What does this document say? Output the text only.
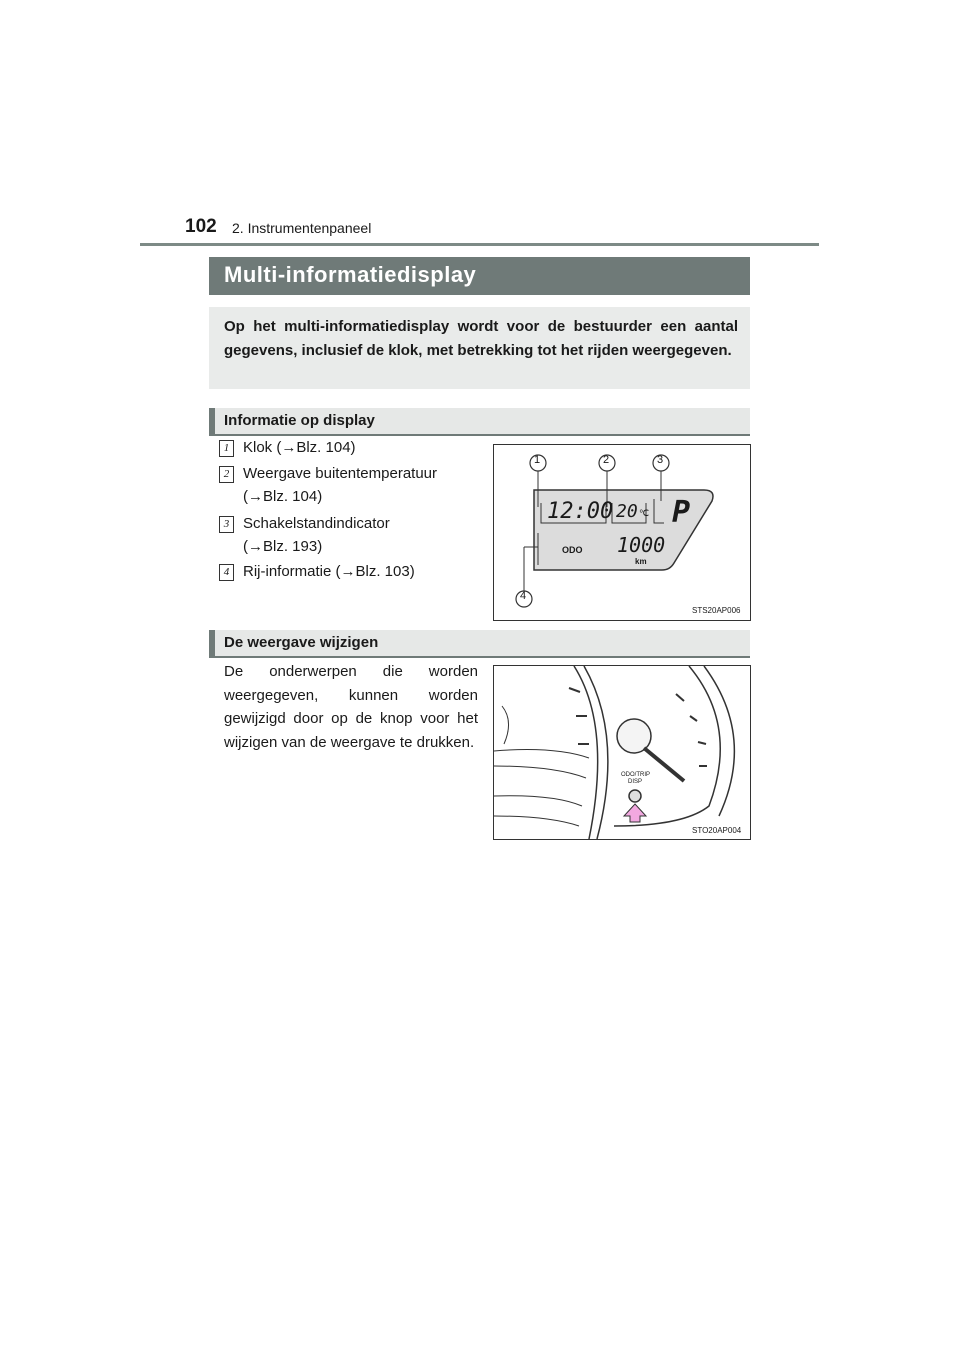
102 2. Instrumentenpaneel
Multi-informatiedisplay
Op het multi-informatiedisplay wordt voor de bestuurder een aantal gegevens, inclusief de klok, met betrekking tot het rijden weergegeven.
Informatie op display
1 Klok (→Blz. 104)
2 Weergave buitentemperatuur
(→Blz. 104)
3 Schakelstandindicator
(→Blz. 193)
4 Rij-informatie (→Blz. 103)
1	2	3
4
12:00 20 ℃ P
ODO 1000
km
STS20AP006
De weergave wijzigen
De onderwerpen die worden weergegeven, kunnen worden gewijzigd door op de knop voor het wijzigen van de weergave te drukken.
ODO/TRIP
DISP
STO20AP004
